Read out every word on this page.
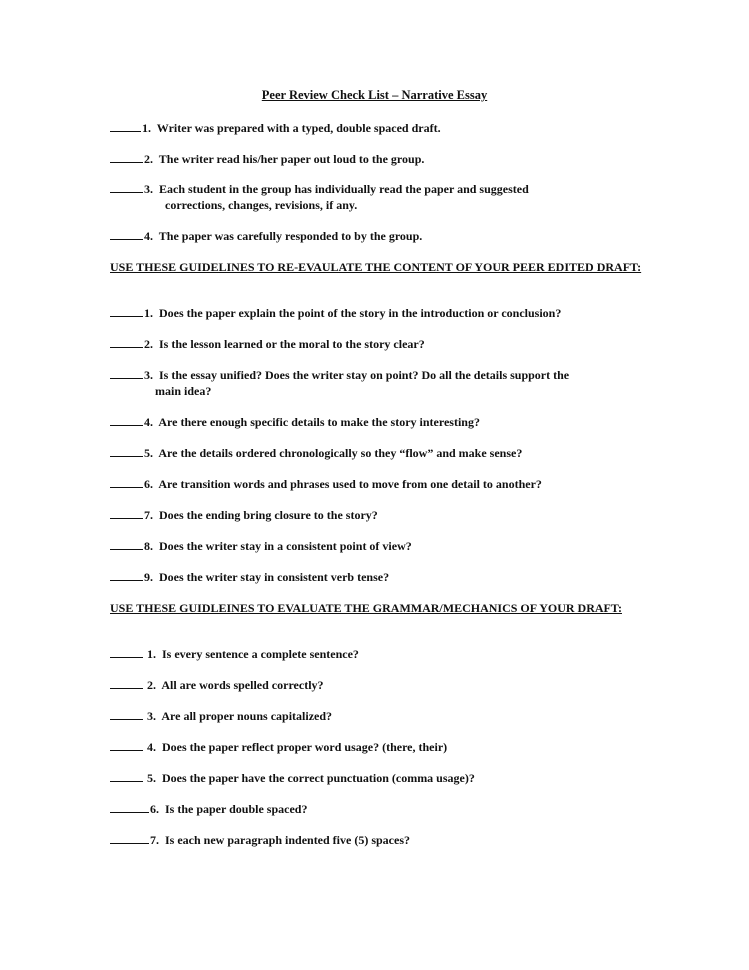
Peer Review Check List – Narrative Essay
1. Writer was prepared with a typed, double spaced draft.
2. The writer read his/her paper out loud to the group.
3. Each student in the group has individually read the paper and suggested
corrections, changes, revisions, if any.
4. The paper was carefully responded to by the group.
USE THESE GUIDELINES TO RE-EVAULATE THE CONTENT OF YOUR PEER EDITED DRAFT:
1. Does the paper explain the point of the story in the introduction or conclusion?
2. Is the lesson learned or the moral to the story clear?
3. Is the essay unified? Does the writer stay on point? Do all the details support the
main idea?
4. Are there enough specific details to make the story interesting?
5. Are the details ordered chronologically so they “flow” and make sense?
6. Are transition words and phrases used to move from one detail to another?
7. Does the ending bring closure to the story?
8. Does the writer stay in a consistent point of view?
9. Does the writer stay in consistent verb tense?
USE THESE GUIDLEINES TO EVALUATE THE GRAMMAR/MECHANICS OF YOUR DRAFT:
1. Is every sentence a complete sentence?
2. All are words spelled correctly?
3. Are all proper nouns capitalized?
4. Does the paper reflect proper word usage? (there, their)
5. Does the paper have the correct punctuation (comma usage)?
6. Is the paper double spaced?
7. Is each new paragraph indented five (5) spaces?
